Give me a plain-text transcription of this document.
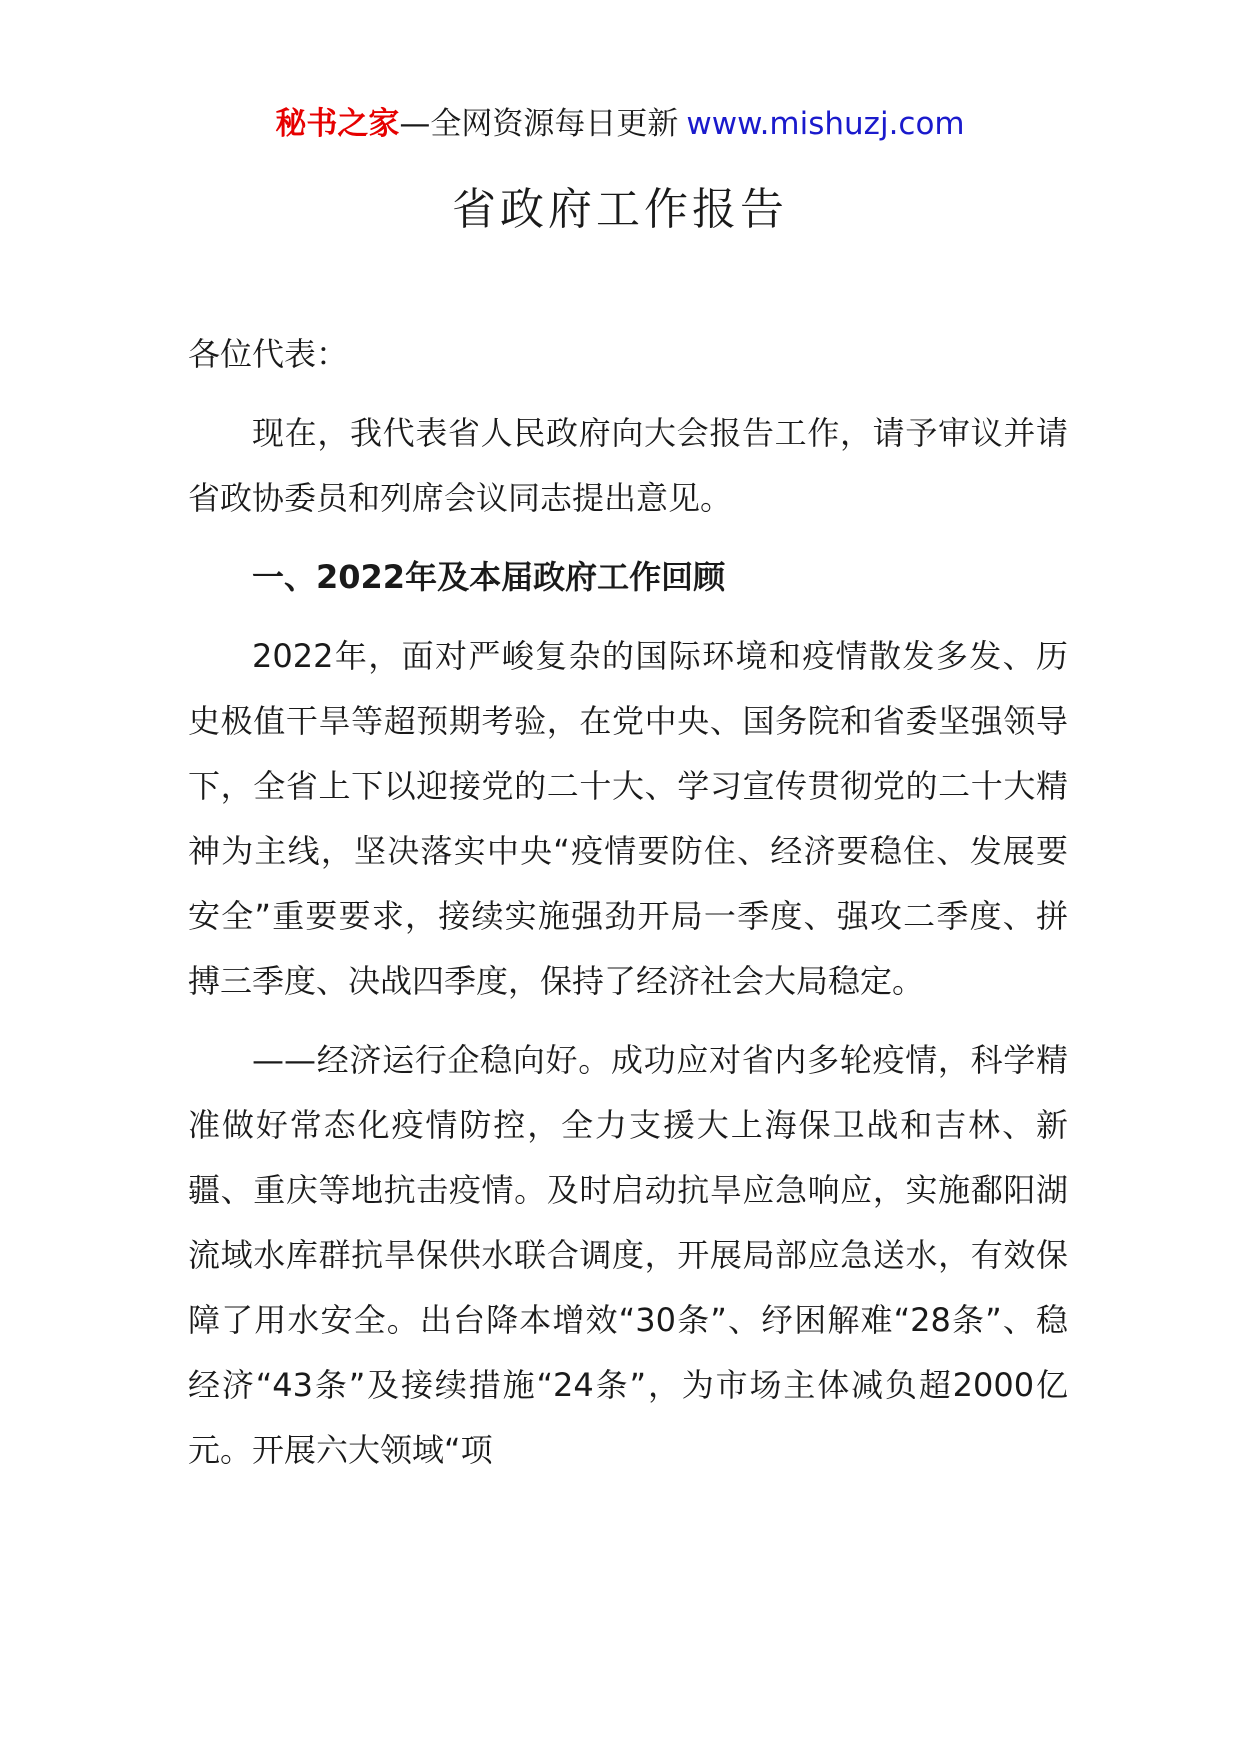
秘书之家—全网资源每日更新 www.mishuzj.com
省政府工作报告

各位代表：

现在，我代表省人民政府向大会报告工作，请予审议并请省政协委员和列席会议同志提出意见。

一、2022年及本届政府工作回顾

2022年，面对严峻复杂的国际环境和疫情散发多发、历史极值干旱等超预期考验，在党中央、国务院和省委坚强领导下，全省上下以迎接党的二十大、学习宣传贯彻党的二十大精神为主线，坚决落实中央“疫情要防住、经济要稳住、发展要安全”重要要求，接续实施强劲开局一季度、强攻二季度、拼搏三季度、决战四季度，保持了经济社会大局稳定。

——经济运行企稳向好。成功应对省内多轮疫情，科学精准做好常态化疫情防控，全力支援大上海保卫战和吉林、新疆、重庆等地抗击疫情。及时启动抗旱应急响应，实施鄱阳湖流域水库群抗旱保供水联合调度，开展局部应急送水，有效保障了用水安全。出台降本增效“30条”、纾困解难“28条”、稳经济“43条”及接续措施“24条”，为市场主体减负超2000亿元。开展六大领域“项
